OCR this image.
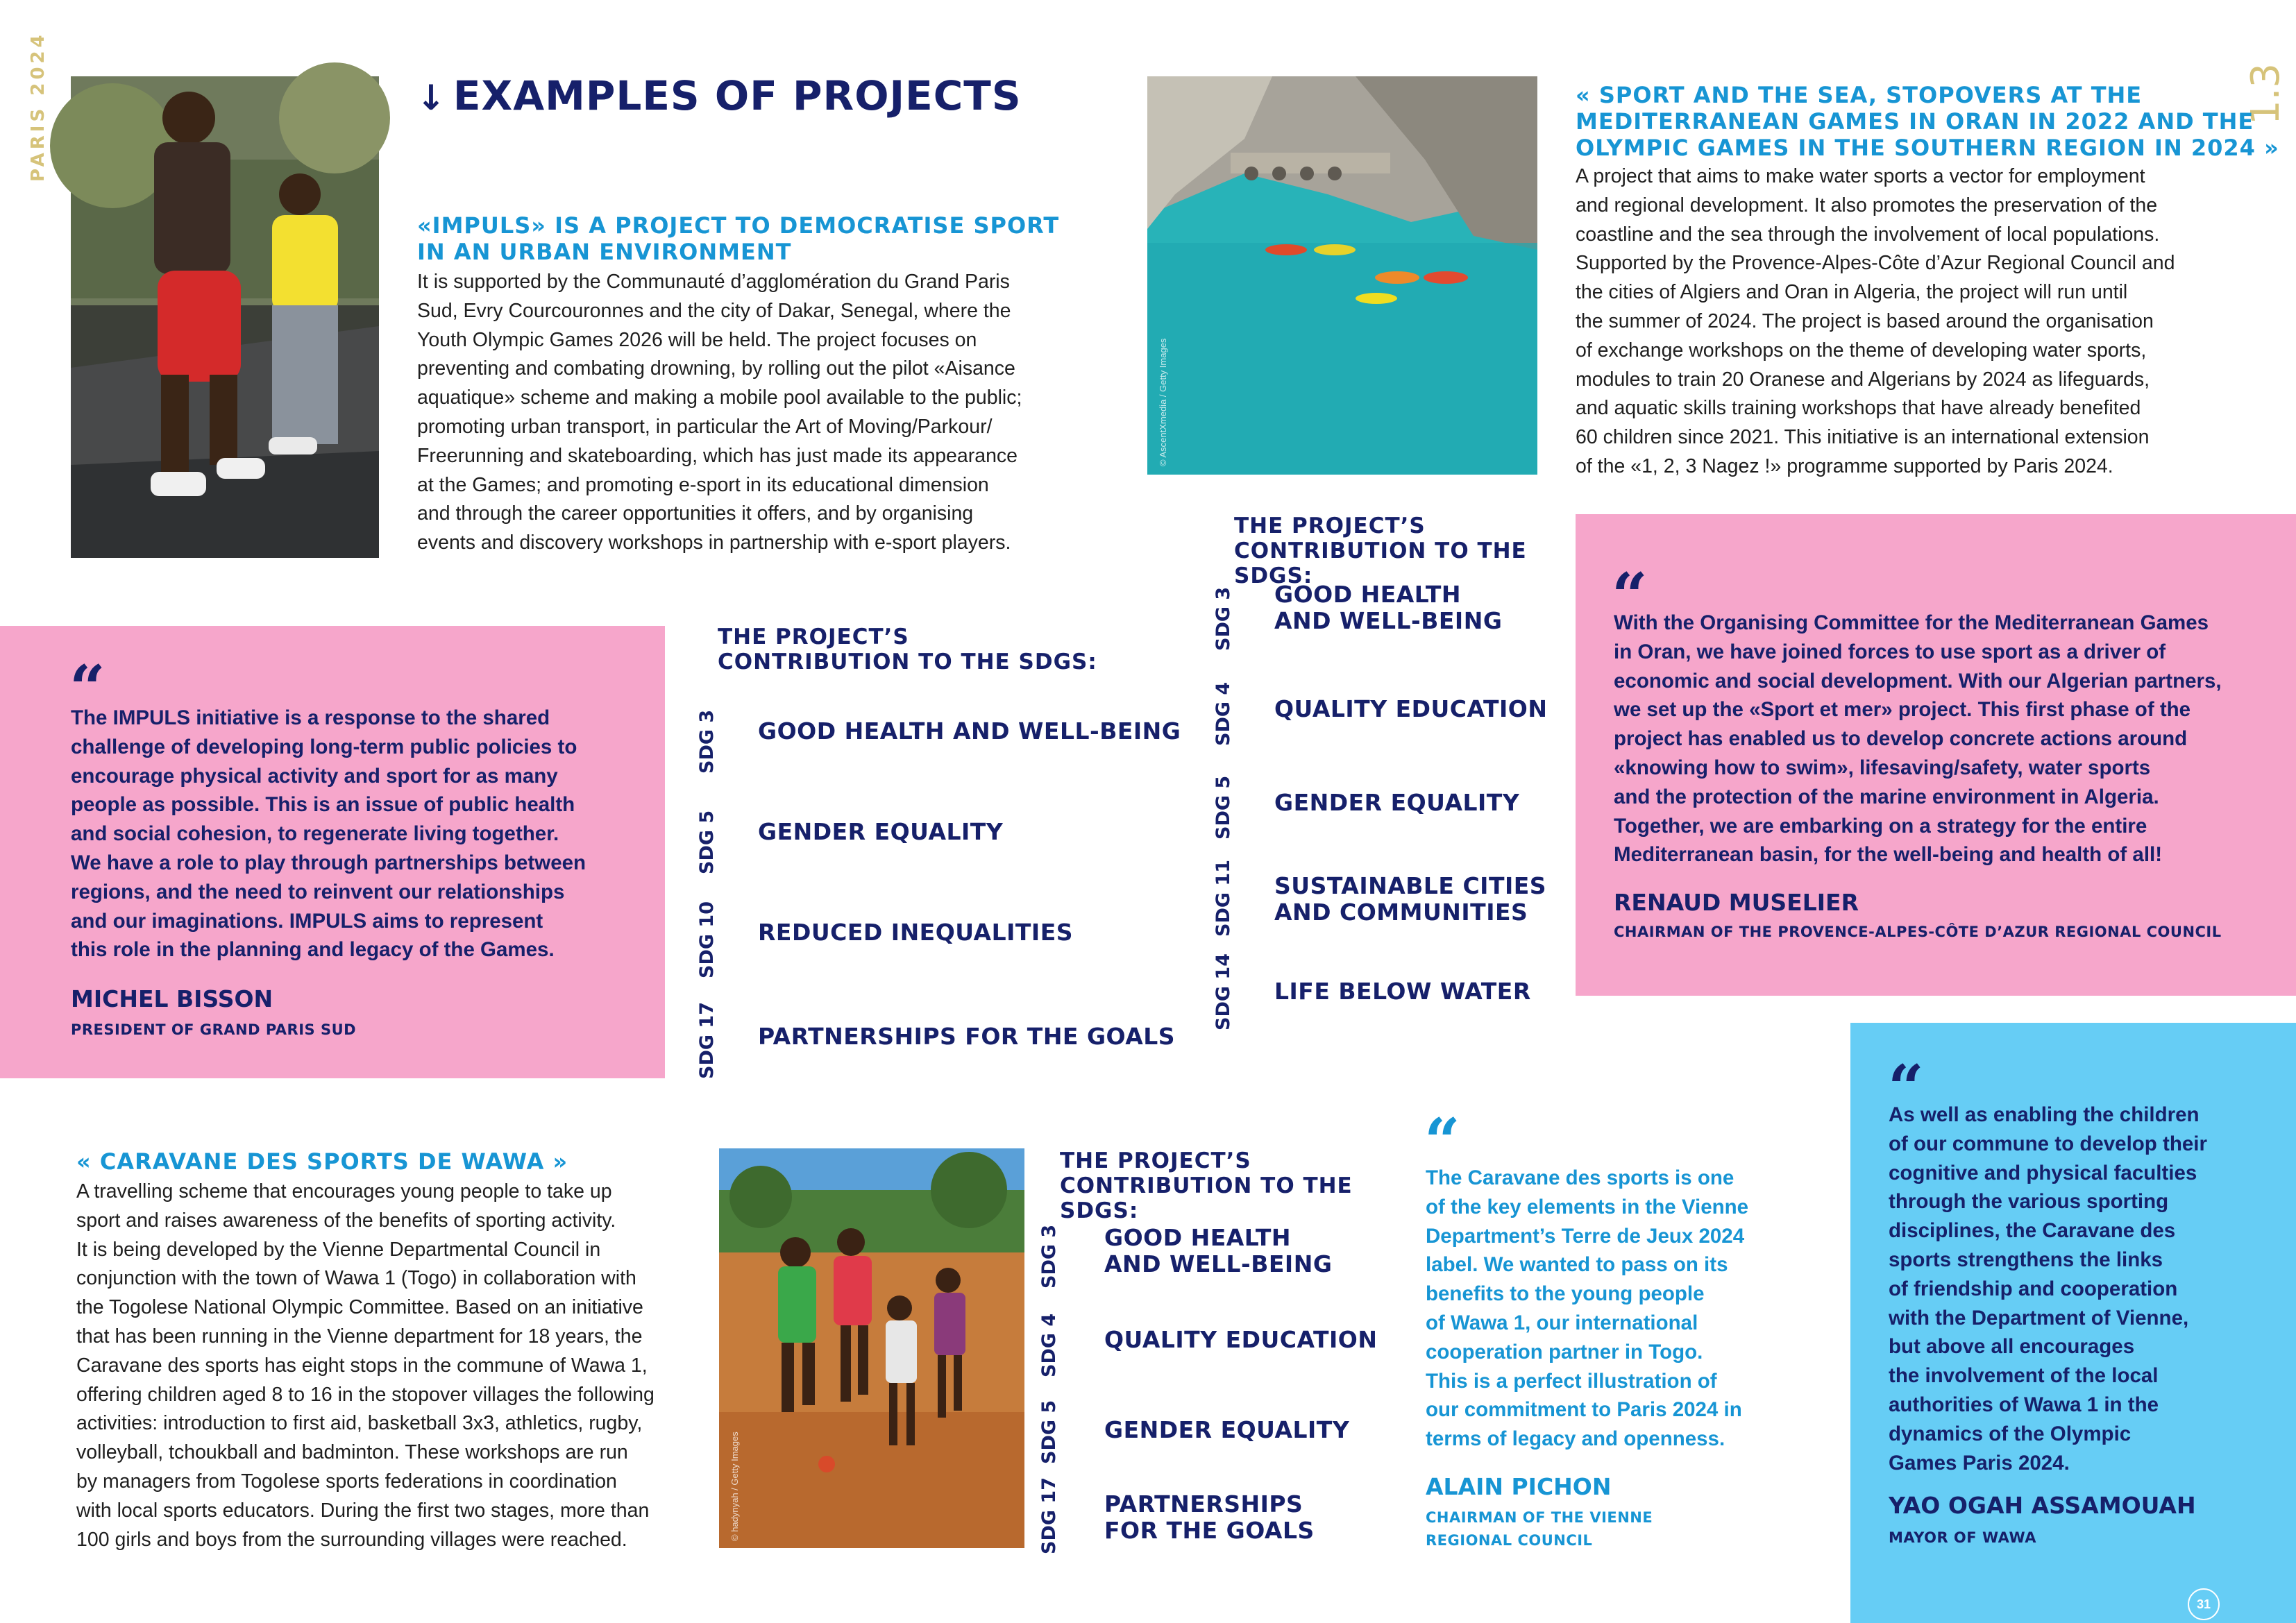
PARIS 2024	1.3
© Rose Henry Gauthier/Getty Images
↓ EXAMPLES OF PROJECTS
«IMPULS» IS A PROJECT TO DEMOCRATISE SPORT
IN AN URBAN ENVIRONMENT
It is supported by the Communauté d’agglomération du Grand Paris
Sud, Evry Courcouronnes and the city of Dakar, Senegal, where the
Youth Olympic Games 2026 will be held. The project focuses on
preventing and combating drowning, by rolling out the pilot «Aisance
aquatique» scheme and making a mobile pool available to the public;
promoting urban transport, in particular the Art of Moving/Parkour/
Freerunning and skateboarding, which has just made its appearance
at the Games; and promoting e-sport in its educational dimension
and through the career opportunities it offers, and by organising
events and discovery workshops in partnership with e-sport players.
“
The IMPULS initiative is a response to the shared
challenge of developing long-term public policies to
encourage physical activity and sport for as many
people as possible. This is an issue of public health
and social cohesion, to regenerate living together.
We have a role to play through partnerships between
regions, and the need to reinvent our relationships
and our imaginations. IMPULS aims to represent
this role in the planning and legacy of the Games.
MICHEL BISSON
PRESIDENT OF GRAND PARIS SUD
THE PROJECT’S
CONTRIBUTION TO THE SDGS:
SDG 3 GOOD HEALTH AND WELL-BEING
SDG 5 GENDER EQUALITY
SDG 10 REDUCED INEQUALITIES
SDG 17 PARTNERSHIPS FOR THE GOALS
© AscentXmedia / Getty Images
« SPORT AND THE SEA, STOPOVERS AT THE
MEDITERRANEAN GAMES IN ORAN IN 2022 AND THE
OLYMPIC GAMES IN THE SOUTHERN REGION IN 2024 »
A project that aims to make water sports a vector for employment
and regional development. It also promotes the preservation of the
coastline and the sea through the involvement of local populations.
Supported by the Provence-Alpes-Côte d’Azur Regional Council and
the cities of Algiers and Oran in Algeria, the project will run until
the summer of 2024. The project is based around the organisation
of exchange workshops on the theme of developing water sports,
modules to train 20 Oranese and Algerians by 2024 as lifeguards,
and aquatic skills training workshops that have already benefited
60 children since 2021. This initiative is an international extension
of the «1, 2, 3 Nagez !» programme supported by Paris 2024.
THE PROJECT’S
CONTRIBUTION TO THE SDGS:
SDG 3 GOOD HEALTH
AND WELL-BEING
SDG 4 QUALITY EDUCATION
SDG 5 GENDER EQUALITY
SDG 11 SUSTAINABLE CITIES
AND COMMUNITIES
SDG 14 LIFE BELOW WATER
“
With the Organising Committee for the Mediterranean Games
in Oran, we have joined forces to use sport as a driver of
economic and social development. With our Algerian partners,
we set up the «Sport et mer» project. This first phase of the
project has enabled us to develop concrete actions around
«knowing how to swim», lifesaving/safety, water sports
and the protection of the marine environment in Algeria.
Together, we are embarking on a strategy for the entire
Mediterranean basin, for the well-being and health of all!
RENAUD MUSELIER
CHAIRMAN OF THE PROVENCE-ALPES-CÔTE D’AZUR REGIONAL COUNCIL
« CARAVANE DES SPORTS DE WAWA »
A travelling scheme that encourages young people to take up
sport and raises awareness of the benefits of sporting activity.
It is being developed by the Vienne Departmental Council in
conjunction with the town of Wawa 1 (Togo) in collaboration with
the Togolese National Olympic Committee. Based on an initiative
that has been running in the Vienne department for 18 years, the
Caravane des sports has eight stops in the commune of Wawa 1,
offering children aged 8 to 16 in the stopover villages the following
activities: introduction to first aid, basketball 3x3, athletics, rugby,
volleyball, tchoukball and badminton. These workshops are run
by managers from Togolese sports federations in coordination
with local sports educators. During the first two stages, more than
100 girls and boys from the surrounding villages were reached.	© hadynyah / Getty Images
THE PROJECT’S
CONTRIBUTION TO THE SDGS:
SDG 3 GOOD HEALTH
AND WELL-BEING
SDG 4 QUALITY EDUCATION
SDG 5 GENDER EQUALITY
SDG 17 PARTNERSHIPS
FOR THE GOALS
“
The Caravane des sports is one
of the key elements in the Vienne
Department’s Terre de Jeux 2024
label. We wanted to pass on its
benefits to the young people
of Wawa 1, our international
cooperation partner in Togo.
This is a perfect illustration of
our commitment to Paris 2024 in
terms of legacy and openness.
ALAIN PICHON
CHAIRMAN OF THE VIENNE
REGIONAL COUNCIL
“
As well as enabling the children
of our commune to develop their
cognitive and physical faculties
through the various sporting
disciplines, the Caravane des
sports strengthens the links
of friendship and cooperation
with the Department of Vienne,
but above all encourages
the involvement of the local
authorities of Wawa 1 in the
dynamics of the Olympic
Games Paris 2024.
YAO OGAH ASSAMOUAH
MAYOR OF WAWA
31
